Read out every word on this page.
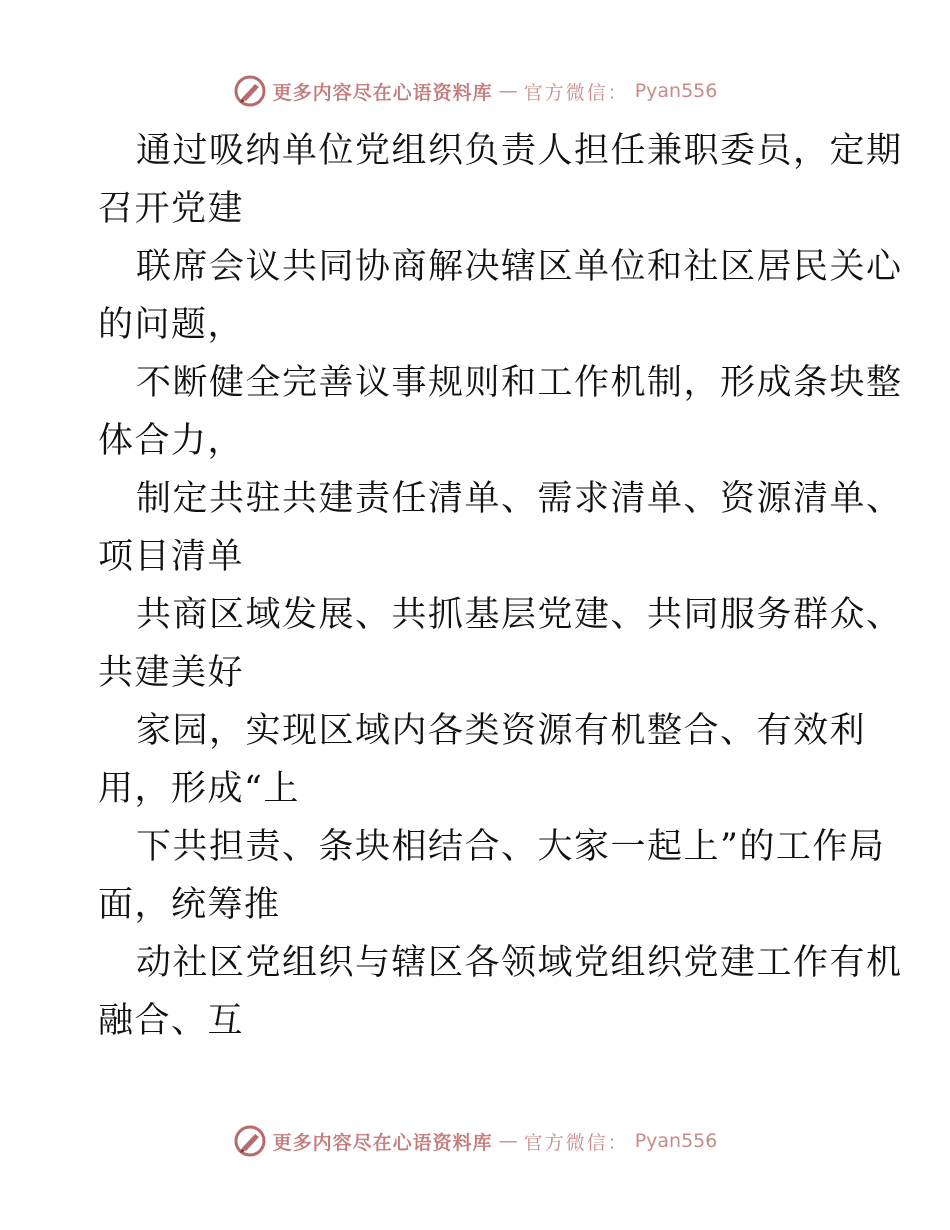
更多内容尽在心语资料库 — 官方微信： Pyan556

通过吸纳单位党组织负责人担任兼职委员，定期
召开党建

联席会议共同协商解决辖区单位和社区居民关心
的问题，

不断健全完善议事规则和工作机制，形成条块整
体合力，

制定共驻共建责任清单、需求清单、资源清单、
项目清单

共商区域发展、共抓基层党建、共同服务群众、
共建美好

家园，实现区域内各类资源有机整合、有效利
用，形成“上

下共担责、条块相结合、大家一起上”的工作局
面，统筹推

动社区党组织与辖区各领域党组织党建工作有机
融合、互

更多内容尽在心语资料库 — 官方微信： Pyan556
